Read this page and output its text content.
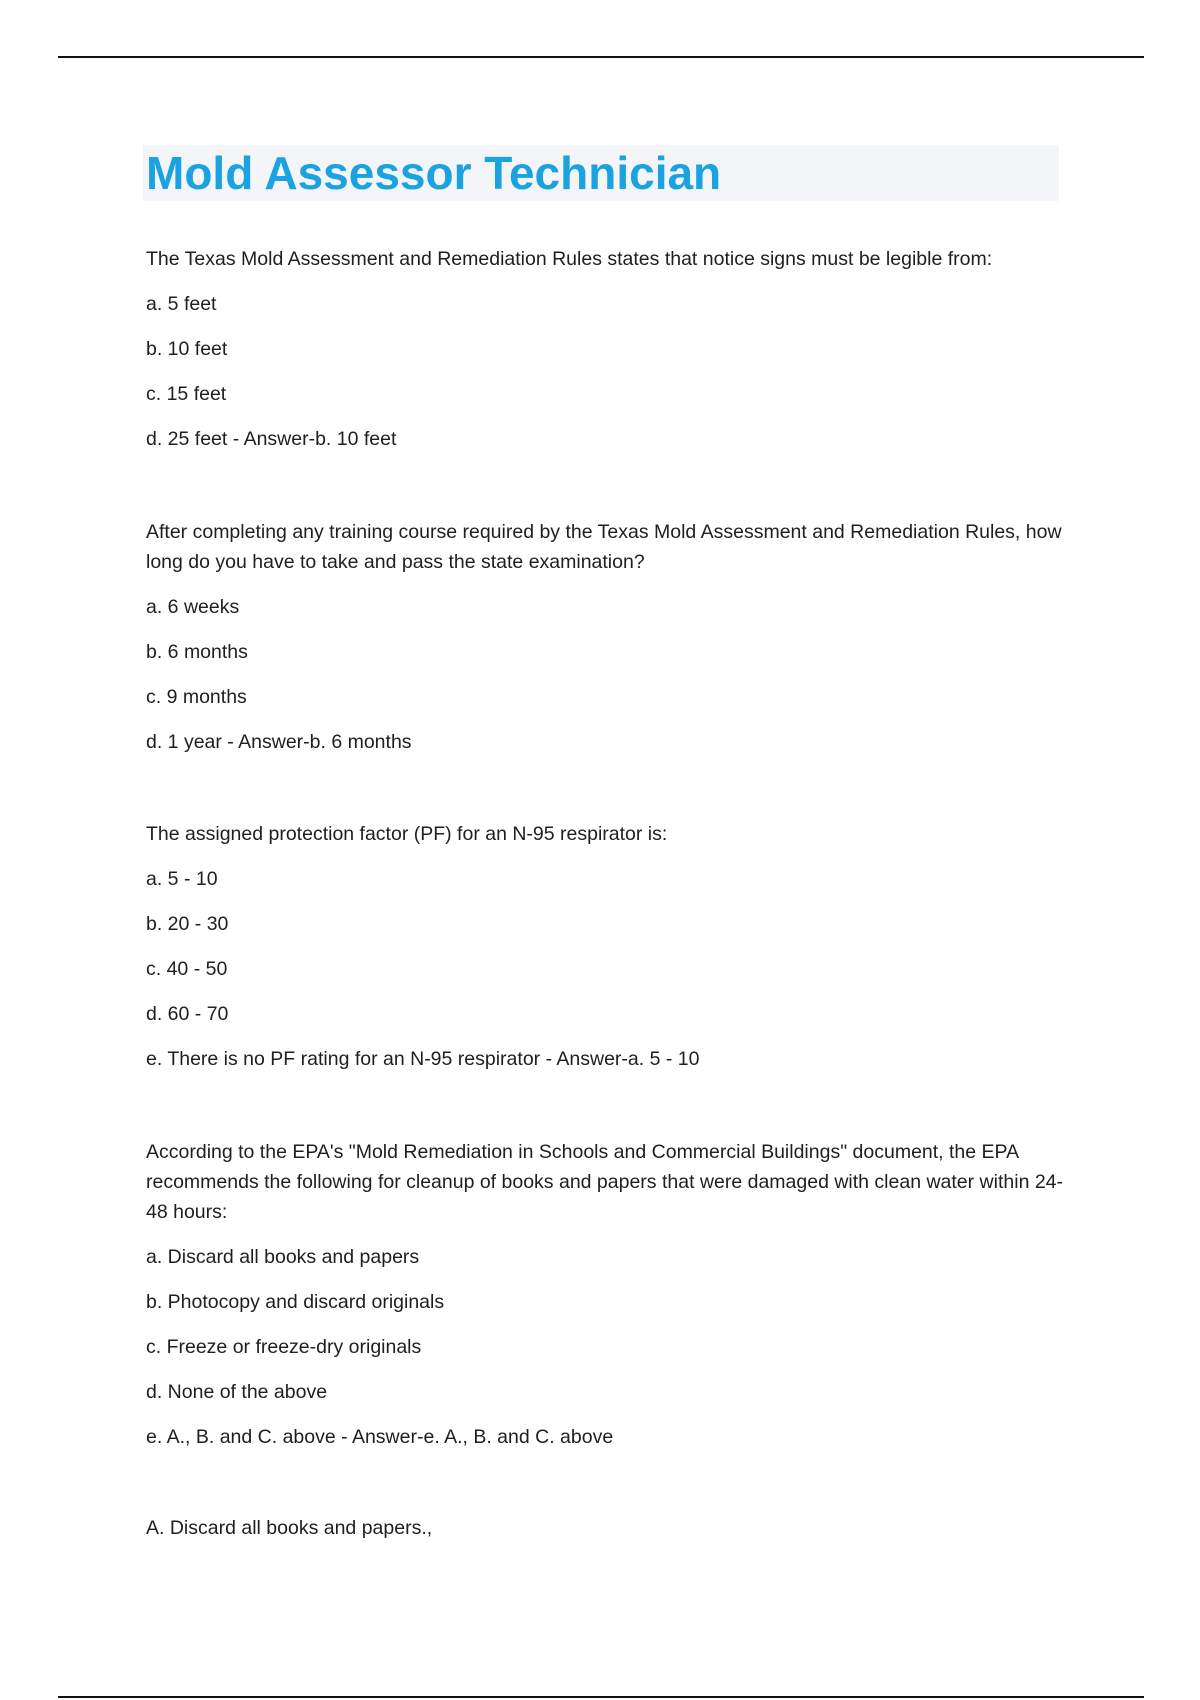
Mold Assessor Technician

The Texas Mold Assessment and Remediation Rules states that notice signs must be legible from:

a. 5 feet

b. 10 feet

c. 15 feet

d. 25 feet - Answer-b. 10 feet

After completing any training course required by the Texas Mold Assessment and Remediation Rules, how long do you have to take and pass the state examination?

a. 6 weeks

b. 6 months

c. 9 months

d. 1 year - Answer-b. 6 months

The assigned protection factor (PF) for an N-95 respirator is:

a. 5 - 10

b. 20 - 30

c. 40 - 50

d. 60 - 70

e. There is no PF rating for an N-95 respirator - Answer-a. 5 - 10

According to the EPA's "Mold Remediation in Schools and Commercial Buildings" document, the EPA recommends the following for cleanup of books and papers that were damaged with clean water within 24-48 hours:

a. Discard all books and papers

b. Photocopy and discard originals

c. Freeze or freeze-dry originals

d. None of the above

e. A., B. and C. above - Answer-e. A., B. and C. above

A. Discard all books and papers.,
